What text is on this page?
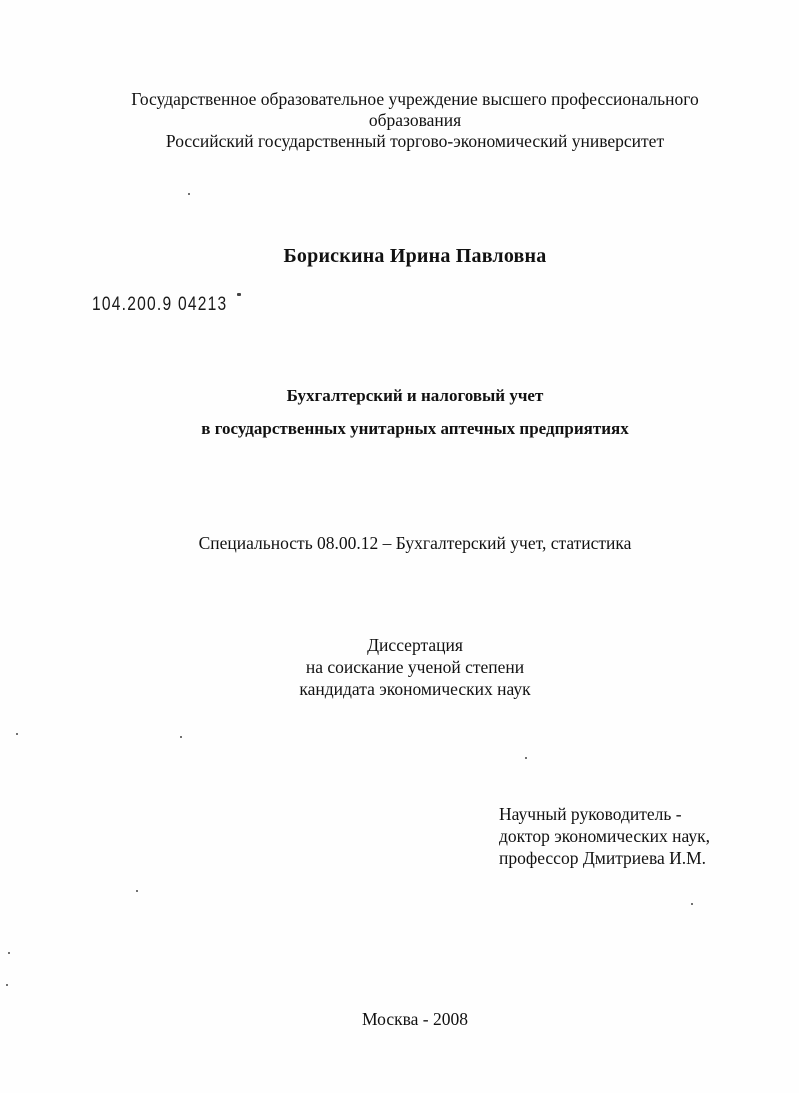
Государственное образовательное учреждение высшего профессионального
образования
Российский государственный торгово-экономический университет
Борискина Ирина Павловна
104.200.9 04213
Бухгалтерский и налоговый учет
в государственных унитарных аптечных предприятиях
Специальность 08.00.12 – Бухгалтерский учет, статистика
Диссертация
на соискание ученой степени
кандидата экономических наук
Научный руководитель -
доктор экономических наук,
профессор Дмитриева И.М.
Москва - 2008
